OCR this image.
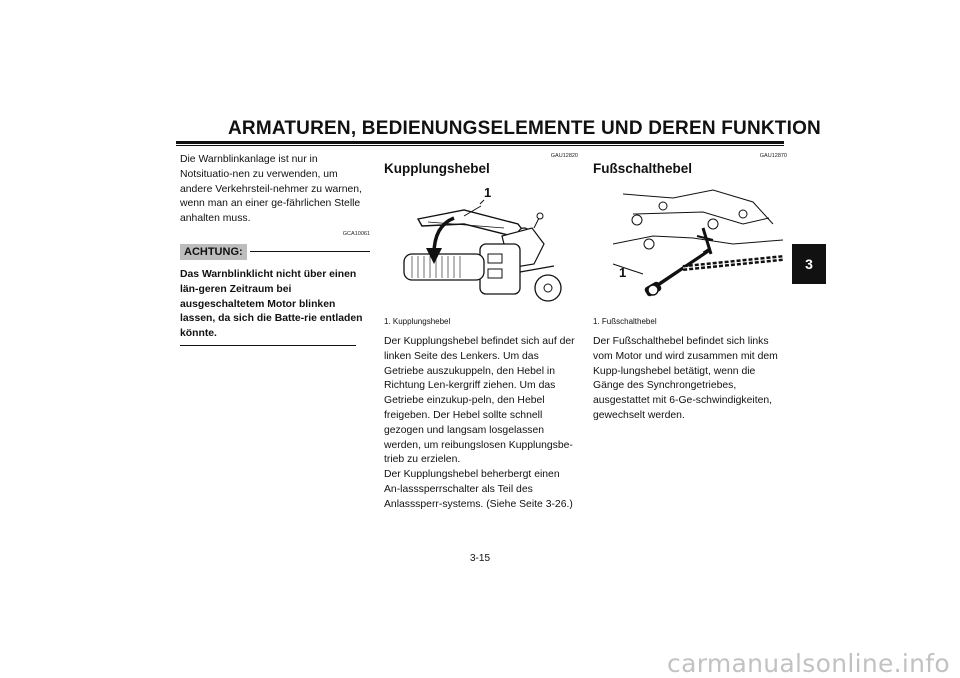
ARMATUREN, BEDIENUNGSELEMENTE UND DEREN FUNKTION
3
Die Warnblinkanlage ist nur in Notsituatio-nen zu verwenden, um andere Verkehrsteil-nehmer zu warnen, wenn man an einer ge-fährlichen Stelle anhalten muss.
GCA10061
ACHTUNG:
Das Warnblinklicht nicht über einen län-geren Zeitraum bei ausgeschaltetem Motor blinken lassen, da sich die Batte-rie entladen könnte.
GAU12820
Kupplungshebel
1
1. Kupplungshebel

Der Kupplungshebel befindet sich auf der linken Seite des Lenkers. Um das Getriebe auszukuppeln, den Hebel in Richtung Len-kergriff ziehen. Um das Getriebe einzukup-peln, den Hebel freigeben. Der Hebel sollte schnell gezogen und langsam losgelassen werden, um reibungslosen Kupplungsbe-trieb zu erzielen.

Der Kupplungshebel beherbergt einen An-lasssperrschalter als Teil des Anlasssperr-systems. (Siehe Seite 3-26.)

GAU12870
Fußschalthebel
1
1. Fußschalthebel
Der Fußschalthebel befindet sich links vom Motor und wird zusammen mit dem Kupp-lungshebel betätigt, wenn die Gänge des Synchrongetriebes, ausgestattet mit 6-Ge-schwindigkeiten, gewechselt werden.
3-15
carmanualsonline.info
